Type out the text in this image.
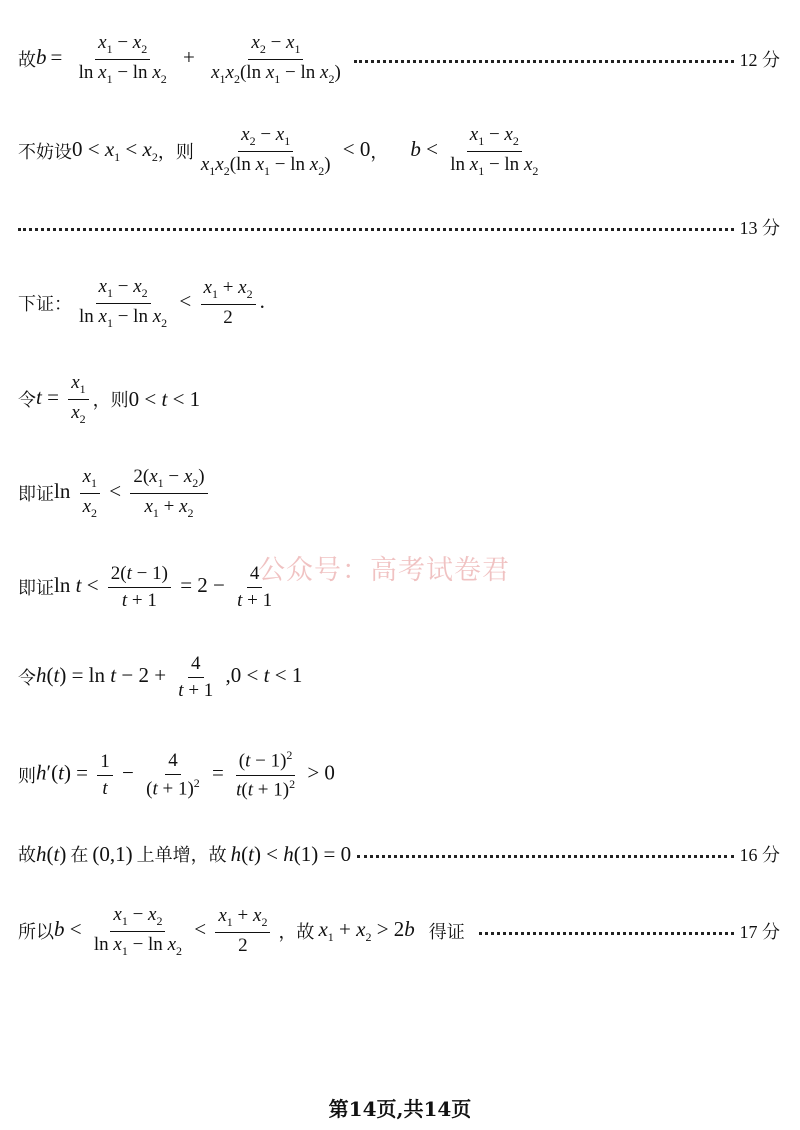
故 $b = \frac{x_1 - x_2}{\ln x_1 - \ln x_2} + \frac{x_2 - x_1}{x_1x_2(\ln x_1 - \ln x_2)}$	12 分
不妨设 $0 < x_1 < x_2$ ，则 $\frac{x_2 - x_1}{x_1x_2(\ln x_1 - \ln x_2)} < 0$ ， $b < \frac{x_1 - x_2}{\ln x_1 - \ln x_2}$
13 分
下证： $\frac{x_1 - x_2}{\ln x_1 - \ln x_2} < \frac{x_1 + x_2}{2}$ .
令 $t = \frac{x_1}{x_2}$ ，则 0 < t < 1
即证 $\ln \frac{x_1}{x_2} < \frac{2(x_1 - x_2)}{x_1 + x_2}$
即证 $\ln t < \frac{2(t - 1)}{t + 1} = 2 - \frac{4}{t + 1}$
令 $h(t) = \ln t - 2 + \frac{4}{t + 1} ,0 < t < 1$
则 $h'(t) = \frac{1}{t} - \frac{4}{(t + 1)^2} = \frac{(t - 1)^2}{t(t + 1)^2} > 0$
故 h(t) 在 (0,1) 上单增，故 h(t) < h(1) = 0	16 分
所以 $b < \frac{x_1 - x_2}{\ln x_1 - \ln x_2} < \frac{x_1 + x_2}{2}$ ，故 $x_1 + x_2 > 2b$ 得证	17 分
公众号：高考试卷君
第14页,共14页
